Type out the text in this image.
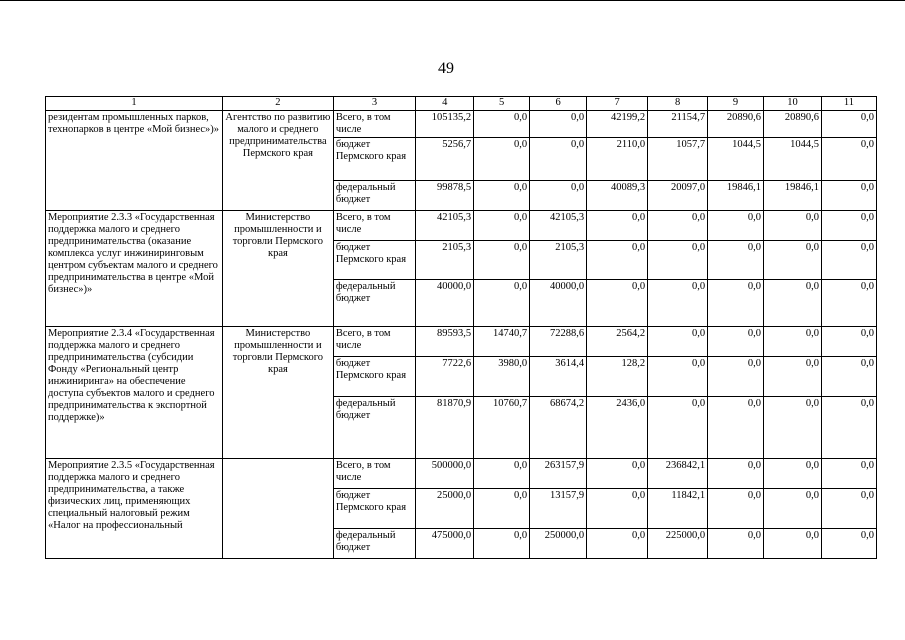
49
1	2	3	4	5	6	7	8	9	10	11
резидентам промышленных парков, технопарков в центре «Мой бизнес»)»	Агентство по развитию малого и среднего предпринимательства Пермского края	Всего, в том числе	105135,2	0,0	0,0	42199,2	21154,7	20890,6	20890,6	0,0
		бюджет Пермского края	5256,7	0,0	0,0	2110,0	1057,7	1044,5	1044,5	0,0
		федеральный бюджет	99878,5	0,0	0,0	40089,3	20097,0	19846,1	19846,1	0,0
Мероприятие 2.3.3 «Государственная поддержка малого и среднего предпринимательства (оказание комплекса услуг инжиниринговым центром субъектам малого и среднего предпринимательства в центре «Мой бизнес»)»	Министерство промышленности и торговли Пермского края	Всего, в том числе	42105,3	0,0	42105,3	0,0	0,0	0,0	0,0	0,0
		бюджет Пермского края	2105,3	0,0	2105,3	0,0	0,0	0,0	0,0	0,0
		федеральный бюджет	40000,0	0,0	40000,0	0,0	0,0	0,0	0,0	0,0
Мероприятие 2.3.4 «Государственная поддержка малого и среднего предпринимательства (субсидии Фонду «Региональный центр инжиниринга» на обеспечение доступа субъектов малого и среднего предпринимательства к экспортной поддержке)»	Министерство промышленности и торговли Пермского края	Всего, в том числе	89593,5	14740,7	72288,6	2564,2	0,0	0,0	0,0	0,0
		бюджет Пермского края	7722,6	3980,0	3614,4	128,2	0,0	0,0	0,0	0,0
		федеральный бюджет	81870,9	10760,7	68674,2	2436,0	0,0	0,0	0,0	0,0
Мероприятие 2.3.5 «Государственная поддержка малого и среднего предпринимательства, а также физических лиц, применяющих специальный налоговый режим «Налог на профессиональный		Всего, в том числе	500000,0	0,0	263157,9	0,0	236842,1	0,0	0,0	0,0
		бюджет Пермского края	25000,0	0,0	13157,9	0,0	11842,1	0,0	0,0	0,0
		федеральный бюджет	475000,0	0,0	250000,0	0,0	225000,0	0,0	0,0	0,0
